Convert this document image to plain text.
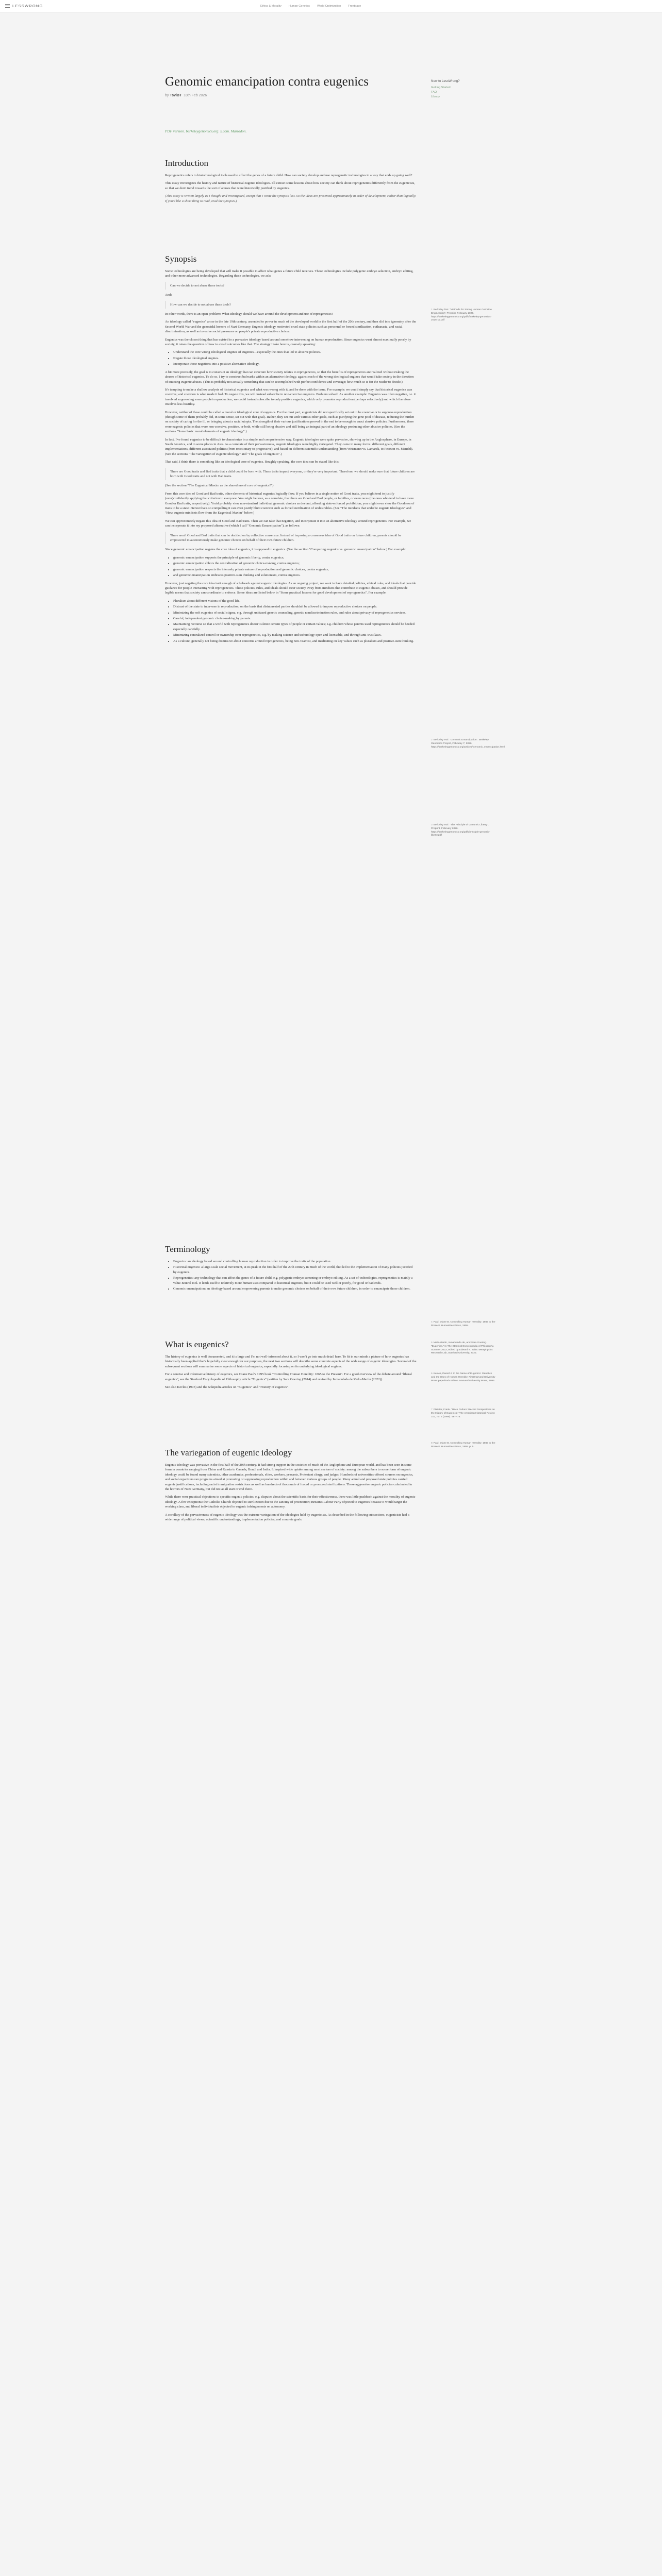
LESSWRONG	Ethics & Morality	Human Genetics	World Optimization	Frontpage
New to LessWrong?
Getting Started
FAQ
Library
Genomic emancipation contra eugenics
by TsviBT 18th Feb 2026
PDF version. berkeleygenomics.org. x.com. Mastodon.
Introduction

Reprogenetics refers to biotechnological tools used to affect the genes of a future child. How can society develop and use reprogenetic technologies in a way that ends up going well?

This essay investigates the history and nature of historical eugenic ideologies. I'll extract some lessons about how society can think about reprogenetics differently from the eugenicists, so that we don't trend towards the sort of abuses that were historically justified by eugenics.

(This essay is written largely as I thought and investigated, except that I wrote the synopsis last. So the ideas are presented approximately in order of development, rather than logically. If you'd like a short thing to read, read the synopsis.)

Synopsis

Some technologies are being developed that will make it possible to affect what genes a future child receives. These technologies include polygenic embryo selection, embryo editing, and other more advanced technologies. Regarding these technologies, we ask:

Can we decide to not abuse these tools?

And:

How can we decide to not abuse these tools?

In other words, there is an open problem: What ideology should we have around the development and use of reprogenetics?

An ideology called "eugenics" arose in the late 19th century, ascended to power in much of the developed world in the first half of the 20th century, and then slid into ignominy after the Second World War and the genocidal horrors of Nazi Germany. Eugenic ideology motivated cruel state policies such as personnel or forced sterilization, euthanasia, and racial discrimination, as well as invasive social pressures on people's private reproductive choices.

Eugenics was the closest thing that has existed to a pervasive ideology based around somehow intervening on human reproduction. Since eugenics went almost maximally poorly by society, it raises the question of how to avoid outcomes like that. The strategy I take here is, coarsely speaking:

• Understand the core wrong ideological engines of eugenics—especially the ones that led to abusive policies.
• Negate those ideological engines.
• Incorporate those negations into a positive alternative ideology.

A bit more precisely, the goal is to construct an ideology that can structure how society relates to reprogenetics, so that the benefits of reprogenetics are realized without risking the abuses of historical eugenics. To do so, I try to construct bulwarks within an alternative ideology, against each of the wrong ideological engines that would take society in the direction of enacting eugenic abuses. (This is probably not actually something that can be accomplished with perfect confidence and coverage; how much so is for the reader to decide.)

It's tempting to make a shallow analysis of historical eugenics and what was wrong with it, and be done with the issue. For example: we could simply say that historical eugenics was coercive; and coercion is what made it bad. To negate this, we will instead subscribe to non-coercive eugenics. Problem solved! As another example: Eugenics was often negative, i.e. it involved suppressing some people's reproduction; we could instead subscribe to only positive eugenics, which only promotes reproduction (perhaps selectively) and which therefore involves less hostility.

However, neither of these could be called a moral or ideological core of eugenics. For the most part, eugenicists did not specifically set out to be coercive or to suppress reproduction (though some of them probably did, in some sense, set out with that goal). Rather, they set out with various other goals, such as purifying the gene pool of disease, reducing the burden on society of caring for the ill, or bringing about a racial utopia. The strength of their various justifications proved in the end to be enough to enact abusive policies. Furthermore, there were eugenic policies that were non-coercive, positive, or both, while still being abusive and still being an integral part of an ideology producing other abusive policies. (See the sections "Some basic moral elements of eugenic ideology".)

In fact, I've found eugenics to be difficult to characterize in a simple and comprehensive way. Eugenic ideologies were quite pervasive, showing up in the Anglosphere, in Europe, in South America, and in some places in Asia. As a correlate of their pervasiveness, eugenic ideologies were highly variegated. They came in many forms: different goals, different implementations, different associated politics (from reactionary to progressive), and based on different scientific understanding (from Weismann vs. Lamarck, to Pearson vs. Mendel). (See the sections "The variegation of eugenic ideology" and "The goals of eugenics".)

That said, I think there is something like an ideological core of eugenics. Roughly speaking, the core idea can be stated like this:

There are Good traits and Bad traits that a child could be born with. These traits impact everyone, or they're very important. Therefore, we should make sure that future children are born with Good traits and not with Bad traits.

(See the section "The Eugenical Maxim as the shared moral core of eugenics?")

From this core idea of Good and Bad traits, other elements of historical eugenics logically flow. If you believe in a single notion of Good traits, you might tend to justify (over)confidently applying that criterion to everyone. You might believe, as a correlate, that there are Good and Bad people, or families, or even races (the ones who tend to have more Good or Bad traits, respectively). You'd probably view non-standard individual genomic choices as deviant, affording state-enforced prohibition; you might even view the Goodness of traits to be a state interest that's so compelling it can even justify blunt coercion such as forced sterilization of undesirables. (See "The mindsets that underlie eugenic ideologies" and "How eugenic mindsets flow from the Eugenical Maxim" below.)

We can approximately negate this idea of Good and Bad traits. Then we can take that negation, and incorporate it into an alternative ideology around reprogenetics. For example, we can incorporate it into my proposed alternative (which I call "Genomic Emancipation"), as follows:

There aren't Good and Bad traits that can be decided on by collective consensus. Instead of imposing a consensus idea of Good traits on future children, parents should be empowered to autonomously make genomic choices on behalf of their own future children.

Since genomic emancipation negates the core idea of eugenics, it is opposed to eugenics. (See the section "Comparing eugenics vs. genomic emancipation" below.) For example:

• genomic emancipation supports the principle of genomic liberty, contra eugenics;
• genomic emancipation abhors the centralization of genomic choice-making, contra eugenics;
• genomic emancipation respects the intensely private nature of reproduction and genomic choices, contra eugenics;
• and genomic emancipation embraces positive-sum thinking and solutionism, contra eugenics.

However, just negating the core idea isn't enough of a bulwark against eugenic ideologies. As an ongoing project, we want to have detailed policies, ethical rules, and ideals that provide guidance for people interacting with reprogenetics. These policies, rules, and ideals should steer society away from mindsets that contribute to eugenic abuses, and should provide legible norms that society can coordinate to enforce. Some ideas are listed below in "Some practical lessons for good development of reprogenetics". For example:

• Pluralism about different visions of the good life.
• Distrust of the state to intervene in reproduction, on the basis that disinterested parties shouldn't be allowed to impose reproductive choices on people.
• Minimizing the soft eugenics of social stigma, e.g. through unbiased genetic counseling, genetic nondiscrimination rules, and rules about privacy of reprogenetics services.
• Careful, independent genomic choice-making by parents.
• Maintaining recourse so that a world with reprogenetics doesn't silence certain types of people or certain values; e.g. children whose parents used reprogenetics should be heeded especially carefully.
• Minimizing centralized control or ownership over reprogenetics, e.g. by making science and technology open and licensable, and through anti-trust laws.
• As a culture, generally not being dismissive about concerns around reprogenetics, being non-Teamist, and meditating on key values such as pluralism and positive-sum thinking.
Terminology
• Eugenics: an ideology based around controlling human reproduction in order to improve the traits of the population.
• Historical eugenics: a large-scale social movement, at its peak in the first half of the 20th century in much of the world, that led to the implementation of many policies justified by eugenics.
• Reprogenetics: any technology that can affect the genes of a future child, e.g. polygenic embryo screening or embryo editing. As a set of technologies, reprogenetics is mainly a value-neutral tool. It lends itself to relatively more human uses compared to historical eugenics, but it could be used well or poorly, for good or bad ends.
• Genomic emancipation: an ideology based around empowering parents to make genomic choices on behalf of their own future children, in order to emancipate those children.
What is eugenics?

The history of eugenics is well documented, and it is large and I'm not well-informed about it, so I won't go into much detail here. To fit in our minds a picture of how eugenics has historically been applied that's hopefully clear enough for our purposes, the next two sections will describe some concrete aspects of the wide range of eugenic ideologies. Several of the subsequent sections will summarize some aspects of historical eugenics, especially focusing on its underlying ideological engines.

For a concise and informative history of eugenics, see Diane Paul's 1995 book "Controlling Human Heredity: 1865 to the Present". For a good overview of the debate around "liberal eugenics", see the Stanford Encyclopedia of Philosophy article "Eugenics" (written by Sara Goering (2014) and revised by Inmaculada de Melo-Martín (2022)).

See also Kevles (1995) and the wikipedia articles on "Eugenics" and "History of eugenics".

The variegation of eugenic ideology

Eugenic ideology was pervasive in the first half of the 20th century. It had strong support in the societies of much of the Anglophone and European world, and has been seen in some form in countries ranging from China and Russia to Canada, Brazil and India. It inspired wide uptake among most sectors of society: among the subscribers to some form of eugenic ideology could be found many scientists, other academics, professionals, elites, workers, peasants, Protestant clergy, and judges. Hundreds of universities offered courses on eugenics, and social organizers ran programs aimed at promoting or suppressing reproduction within and between various groups of people. Many actual and proposed state policies carried eugenic justifications, including racist immigration restrictions as well as hundreds of thousands of forced or pressured sterilizations. These aggressive eugenic policies culminated in the horrors of Nazi Germany, but did not at all start or end there.

While there were practical objections to specific eugenic policies, e.g. disputes about the scientific basis for their effectiveness, there was little pushback against the morality of eugenic ideology. A few exceptions: the Catholic Church objected to sterilization due to the sanctity of procreation; Britain's Labour Party objected to eugenics because it would target the working class, and liberal individualists objected to eugenic infringements on autonomy.

A corollary of the pervasiveness of eugenic ideology was the extreme variegation of the ideologies held by eugenicists. As described in the following subsections, eugenicists had a wide range of political views, scientific understandings, implementation policies, and concrete goals.

1 Berkeley Tsvi. "Methods for Strong Human Germline Engineering". Preprint, February 2026. https://berkeleygenomics.org/pdfs/berkeley-genomics-2025-12.pdf
2 Berkeley Tsvi. "Genomic Emancipation". Berkeley Genomics Project, February 7, 2026. https://berkeleygenomics.org/articles/Genomic_emancipation.html
3 Berkeley Tsvi. "The Principle of Genomic Liberty". Preprint, February 2026. https://berkeleygenomics.org/pdfs/principle-genomic-liberty.pdf
4 Paul, Diane B. Controlling Human Heredity: 1865 to the Present. Humanities Press, 1995.
5 Melo-Martín, Inmaculada de, and Sara Goering. "Eugenics." In The Stanford Encyclopedia of Philosophy, Summer 2022, edited by Edward N. Zalta. Metaphysics Research Lab, Stanford University, 2022.
6 Kevles, Daniel J. In the Name of Eugenics: Genetics and the Uses of Human Heredity. First Harvard University Press paperback edition. Harvard University Press, 1995.
7 Dikötter, Frank. "Race Culture: Recent Perspectives on the History of Eugenics." The American Historical Review 103, no. 2 (1998): 467–78.
8 Paul, Diane B. Controlling Human Heredity: 1865 to the Present. Humanities Press, 1995. p. 5.
